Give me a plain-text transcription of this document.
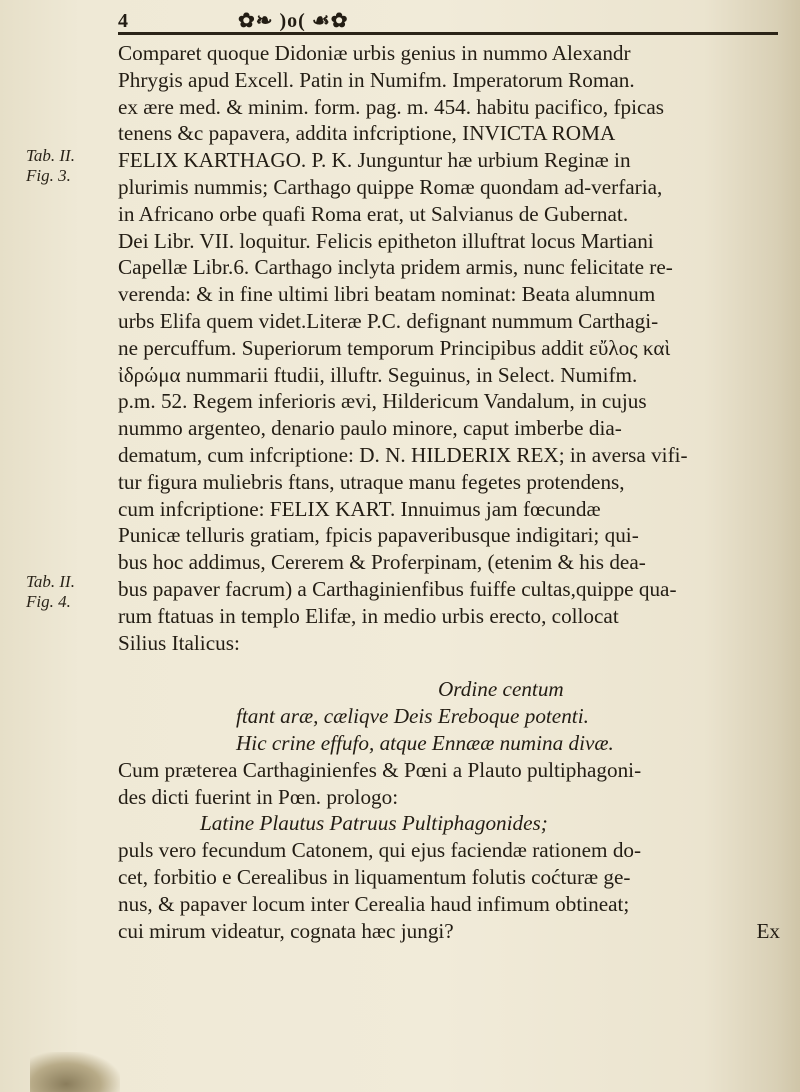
4	✿❧ )o( ☙✿
Tab. II.
Fig. 3.
Tab. II.
Fig. 4.
Comparet quoque Didoniæ urbis genius in nummo Alexandr
Phrygis apud Excell. Patin in Numifm. Imperatorum Roman.
ex ære med. & minim. form. pag. m. 454. habitu pacifico, fpicas
tenens &c papavera, addita infcriptione, INVICTA ROMA
FELIX KARTHAGO. P. K. Junguntur hæ urbium Reginæ in
plurimis nummis; Carthago quippe Romæ quondam ad-verfaria,
in Africano orbe quafi Roma erat, ut Salvianus de Gubernat.
Dei Libr. VII. loquitur. Felicis epitheton illuftrat locus Martiani
Capellæ Libr.6. Carthago inclyta pridem armis, nunc felicitate re-
verenda: & in fine ultimi libri beatam nominat: Beata alumnum
urbs Elifa quem videt.Literæ P.C. defignant nummum Carthagi-
ne percuffum. Superiorum temporum Principibus addit εὔλος καὶ
ἰδρώμα nummarii ftudii, illuftr. Seguinus, in Select. Numifm.
p.m. 52. Regem inferioris ævi, Hildericum Vandalum, in cujus
nummo argenteo, denario paulo minore, caput imberbe dia-
dematum, cum infcriptione: D. N. HILDERIX REX; in aversa vifi-
tur figura muliebris ftans, utraque manu fegetes protendens,
cum infcriptione: FELIX KART. Innuimus jam fœcundæ
Punicæ telluris gratiam, fpicis papaveribusque indigitari; qui-
bus hoc addimus, Cererem & Proferpinam, (etenim & his dea-
bus papaver facrum) a Carthaginienfibus fuiffe cultas,quippe qua-
rum ftatuas in templo Elifæ, in medio urbis erecto, collocat
Silius Italicus:
Ordine centum
ftant aræ, cæliqve Deis Ereboque potenti.
Hic crine effufo, atque Ennææ numina divæ.
Cum præterea Carthaginienfes & Pœni a Plauto pultiphagoni-
des dicti fuerint in Pœn. prologo:
Latine Plautus Patruus Pultiphagonides;
puls vero fecundum Catonem, qui ejus faciendæ rationem do-
cet, forbitio e Cerealibus in liquamentum folutis coćturæ ge-
nus, & papaver locum inter Cerealia haud infimum obtineat;
cui mirum videatur, cognata hæc jungi?	Ex
